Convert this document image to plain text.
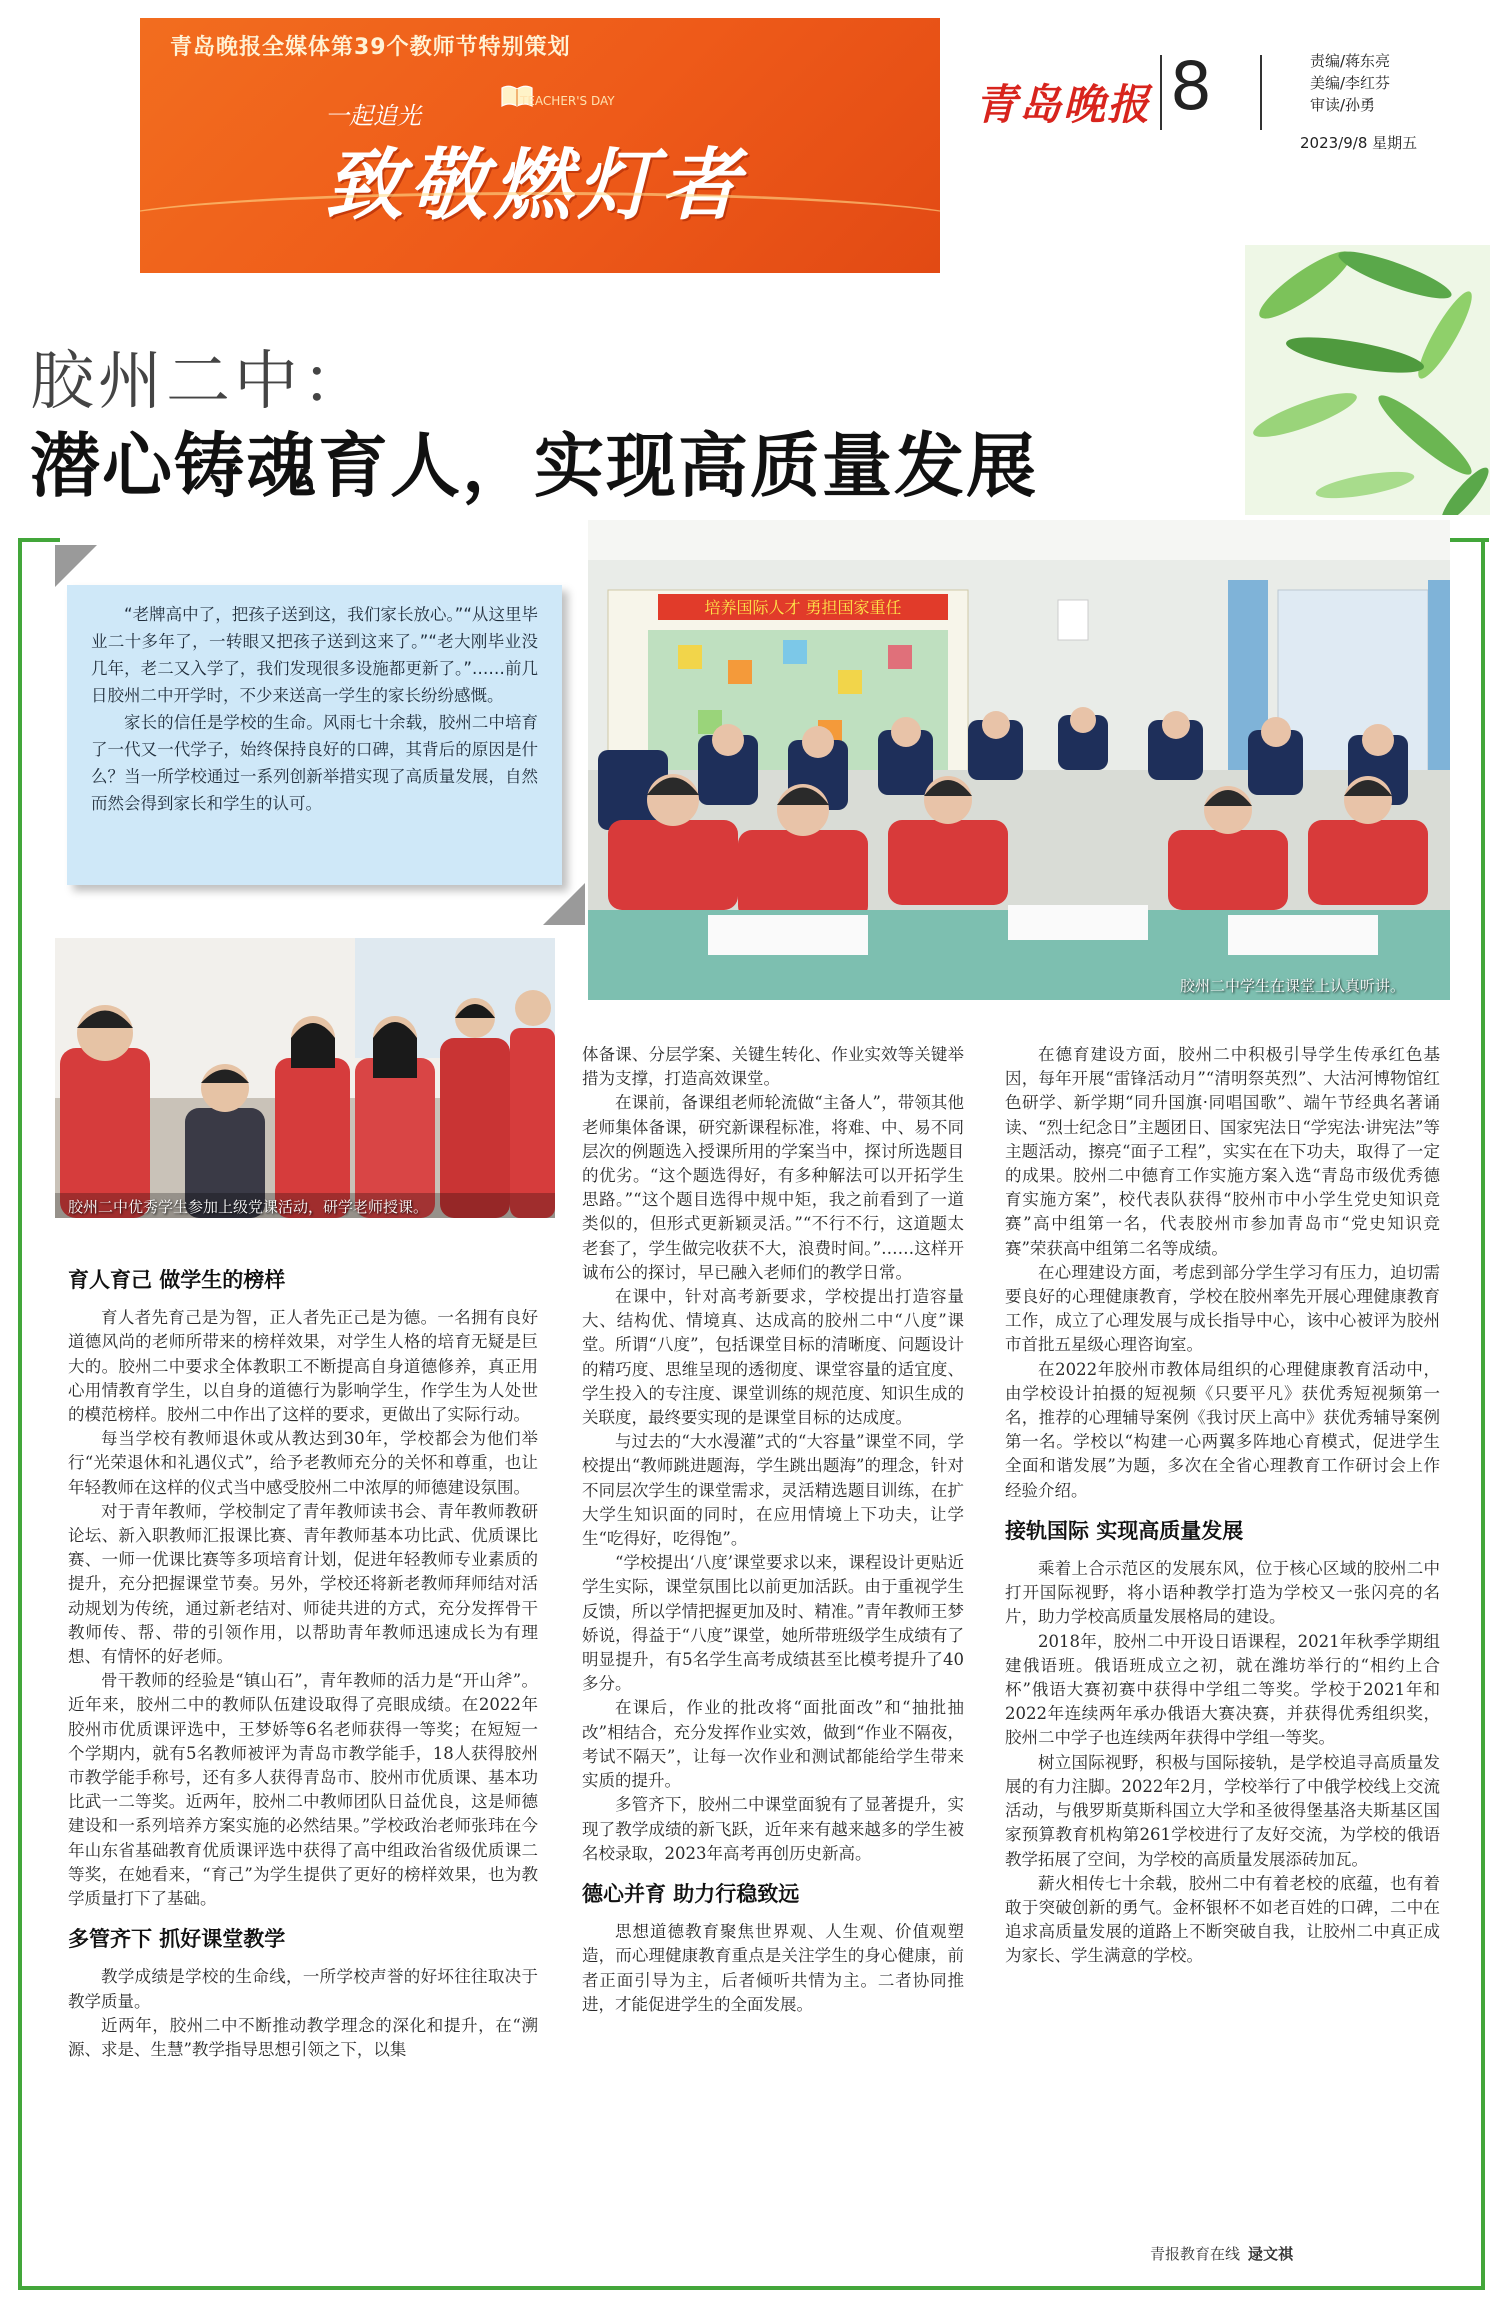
青岛晚报全媒体第39个教师节特别策划
一起追光
TEACHER'S DAY
致敬燃灯者
青岛晚报 8	责编/蒋东亮
美编/李红芬
审读/孙勇
2023/9/8 星期五
胶州二中：
潜心铸魂育人，实现高质量发展

“老牌高中了，把孩子送到这，我们家长放心。”“从这里毕业二十多年了，一转眼又把孩子送到这来了。”“老大刚毕业没几年，老二又入学了，我们发现很多设施都更新了。”……前几日胶州二中开学时，不少来送高一学生的家长纷纷感慨。

家长的信任是学校的生命。风雨七十余载，胶州二中培育了一代又一代学子，始终保持良好的口碑，其背后的原因是什么？当一所学校通过一系列创新举措实现了高质量发展，自然而然会得到家长和学生的认可。

培养国际人才 勇担国家重任
胶州二中学生在课堂上认真听讲。
胶州二中优秀学生参加上级党课活动，研学老师授课。
育人育己 做学生的榜样

育人者先育己是为智，正人者先正己是为德。一名拥有良好道德风尚的老师所带来的榜样效果，对学生人格的培育无疑是巨大的。胶州二中要求全体教职工不断提高自身道德修养，真正用心用情教育学生，以自身的道德行为影响学生，作学生为人处世的模范榜样。胶州二中作出了这样的要求，更做出了实际行动。

每当学校有教师退休或从教达到30年，学校都会为他们举行“光荣退休和礼遇仪式”，给予老教师充分的关怀和尊重，也让年轻教师在这样的仪式当中感受胶州二中浓厚的师德建设氛围。

对于青年教师，学校制定了青年教师读书会、青年教师教研论坛、新入职教师汇报课比赛、青年教师基本功比武、优质课比赛、一师一优课比赛等多项培育计划，促进年轻教师专业素质的提升，充分把握课堂节奏。另外，学校还将新老教师拜师结对活动规划为传统，通过新老结对、师徒共进的方式，充分发挥骨干教师传、帮、带的引领作用，以帮助青年教师迅速成长为有理想、有情怀的好老师。

骨干教师的经验是“镇山石”，青年教师的活力是“开山斧”。近年来，胶州二中的教师队伍建设取得了亮眼成绩。在2022年胶州市优质课评选中，王梦娇等6名老师获得一等奖；在短短一个学期内，就有5名教师被评为青岛市教学能手，18人获得胶州市教学能手称号，还有多人获得青岛市、胶州市优质课、基本功比武一二等奖。近两年，胶州二中教师团队日益优良，这是师德建设和一系列培养方案实施的必然结果。”学校政治老师张玮在今年山东省基础教育优质课评选中获得了高中组政治省级优质课二等奖，在她看来，“育己”为学生提供了更好的榜样效果，也为教学质量打下了基础。

多管齐下 抓好课堂教学

教学成绩是学校的生命线，一所学校声誉的好坏往往取决于教学质量。

近两年，胶州二中不断推动教学理念的深化和提升，在“溯源、求是、生慧”教学指导思想引领之下，以集

体备课、分层学案、关键生转化、作业实效等关键举措为支撑，打造高效课堂。

在课前，备课组老师轮流做“主备人”，带领其他老师集体备课，研究新课程标准，将难、中、易不同层次的例题选入授课所用的学案当中，探讨所选题目的优劣。“这个题选得好，有多种解法可以开拓学生思路。”“这个题目选得中规中矩，我之前看到了一道类似的，但形式更新颖灵活。”“不行不行，这道题太老套了，学生做完收获不大，浪费时间。”……这样开诚布公的探讨，早已融入老师们的教学日常。

在课中，针对高考新要求，学校提出打造容量大、结构优、情境真、达成高的胶州二中“八度”课堂。所谓“八度”，包括课堂目标的清晰度、问题设计的精巧度、思维呈现的透彻度、课堂容量的适宜度、学生投入的专注度、课堂训练的规范度、知识生成的关联度，最终要实现的是课堂目标的达成度。

与过去的“大水漫灌”式的“大容量”课堂不同，学校提出“教师跳进题海，学生跳出题海”的理念，针对不同层次学生的课堂需求，灵活精选题目训练，在扩大学生知识面的同时，在应用情境上下功夫，让学生“吃得好，吃得饱”。

“学校提出‘八度’课堂要求以来，课程设计更贴近学生实际，课堂氛围比以前更加活跃。由于重视学生反馈，所以学情把握更加及时、精准。”青年教师王梦娇说，得益于“八度”课堂，她所带班级学生成绩有了明显提升，有5名学生高考成绩甚至比模考提升了40多分。

在课后，作业的批改将“面批面改”和“抽批抽改”相结合，充分发挥作业实效，做到“作业不隔夜，考试不隔天”，让每一次作业和测试都能给学生带来实质的提升。

多管齐下，胶州二中课堂面貌有了显著提升，实现了教学成绩的新飞跃，近年来有越来越多的学生被名校录取，2023年高考再创历史新高。

德心并育 助力行稳致远

思想道德教育聚焦世界观、人生观、价值观塑造，而心理健康教育重点是关注学生的身心健康，前者正面引导为主，后者倾听共情为主。二者协同推进，才能促进学生的全面发展。

在德育建设方面，胶州二中积极引导学生传承红色基因，每年开展“雷锋活动月”“清明祭英烈”、大沽河博物馆红色研学、新学期“同升国旗·同唱国歌”、端午节经典名著诵读、“烈士纪念日”主题团日、国家宪法日“学宪法·讲宪法”等主题活动，擦亮“面子工程”，实实在在下功夫，取得了一定的成果。胶州二中德育工作实施方案入选“青岛市级优秀德育实施方案”，校代表队获得“胶州市中小学生党史知识竞赛”高中组第一名，代表胶州市参加青岛市“党史知识竞赛”荣获高中组第二名等成绩。

在心理建设方面，考虑到部分学生学习有压力，迫切需要良好的心理健康教育，学校在胶州率先开展心理健康教育工作，成立了心理发展与成长指导中心，该中心被评为胶州市首批五星级心理咨询室。

在2022年胶州市教体局组织的心理健康教育活动中，由学校设计拍摄的短视频《只要平凡》获优秀短视频第一名，推荐的心理辅导案例《我讨厌上高中》获优秀辅导案例第一名。学校以“构建一心两翼多阵地心育模式，促进学生全面和谐发展”为题，多次在全省心理教育工作研讨会上作经验介绍。

接轨国际 实现高质量发展

乘着上合示范区的发展东风，位于核心区域的胶州二中打开国际视野，将小语种教学打造为学校又一张闪亮的名片，助力学校高质量发展格局的建设。

2018年，胶州二中开设日语课程，2021年秋季学期组建俄语班。俄语班成立之初，就在潍坊举行的“相约上合杯”俄语大赛初赛中获得中学组二等奖。学校于2021年和2022年连续两年承办俄语大赛决赛，并获得优秀组织奖，胶州二中学子也连续两年获得中学组一等奖。

树立国际视野，积极与国际接轨，是学校追寻高质量发展的有力注脚。2022年2月，学校举行了中俄学校线上交流活动，与俄罗斯莫斯科国立大学和圣彼得堡基洛夫斯基区国家预算教育机构第261学校进行了友好交流，为学校的俄语教学拓展了空间，为学校的高质量发展添砖加瓦。

薪火相传七十余载，胶州二中有着老校的底蕴，也有着敢于突破创新的勇气。金杯银杯不如老百姓的口碑，二中在追求高质量发展的道路上不断突破自我，让胶州二中真正成为家长、学生满意的学校。

青报教育在线 逯文祺
